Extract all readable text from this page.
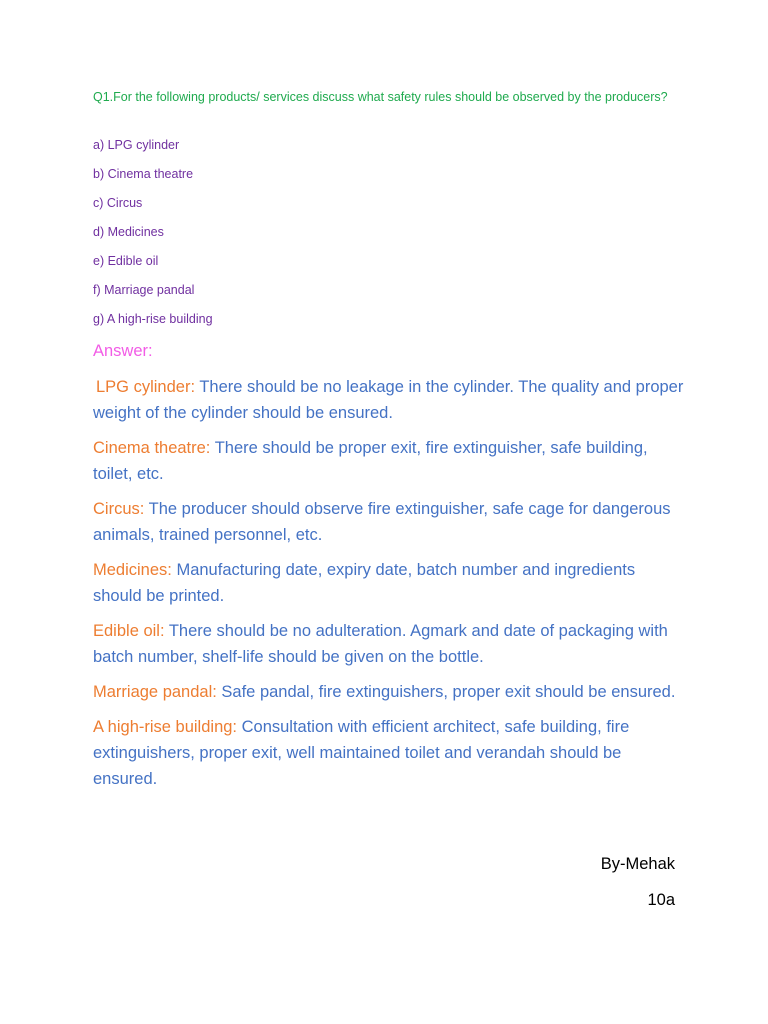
Q1.For the following products/ services discuss what safety rules should be observed by the producers?

a) LPG cylinder
b) Cinema theatre
c) Circus
d) Medicines
e) Edible oil
f) Marriage pandal
g) A high-rise building
Answer:
LPG cylinder: There should be no leakage in the cylinder. The quality and proper weight of the cylinder should be ensured.
Cinema theatre: There should be proper exit, fire extinguisher, safe building, toilet, etc.
Circus: The producer should observe fire extinguisher, safe cage for dangerous animals, trained personnel, etc.
Medicines: Manufacturing date, expiry date, batch number and ingredients should be printed.
Edible oil: There should be no adulteration. Agmark and date of packaging with batch number, shelf-life should be given on the bottle.
Marriage pandal: Safe pandal, fire extinguishers, proper exit should be ensured.
A high-rise building: Consultation with efficient architect, safe building, fire extinguishers, proper exit, well maintained toilet and verandah should be ensured.

By-Mehak

10a
